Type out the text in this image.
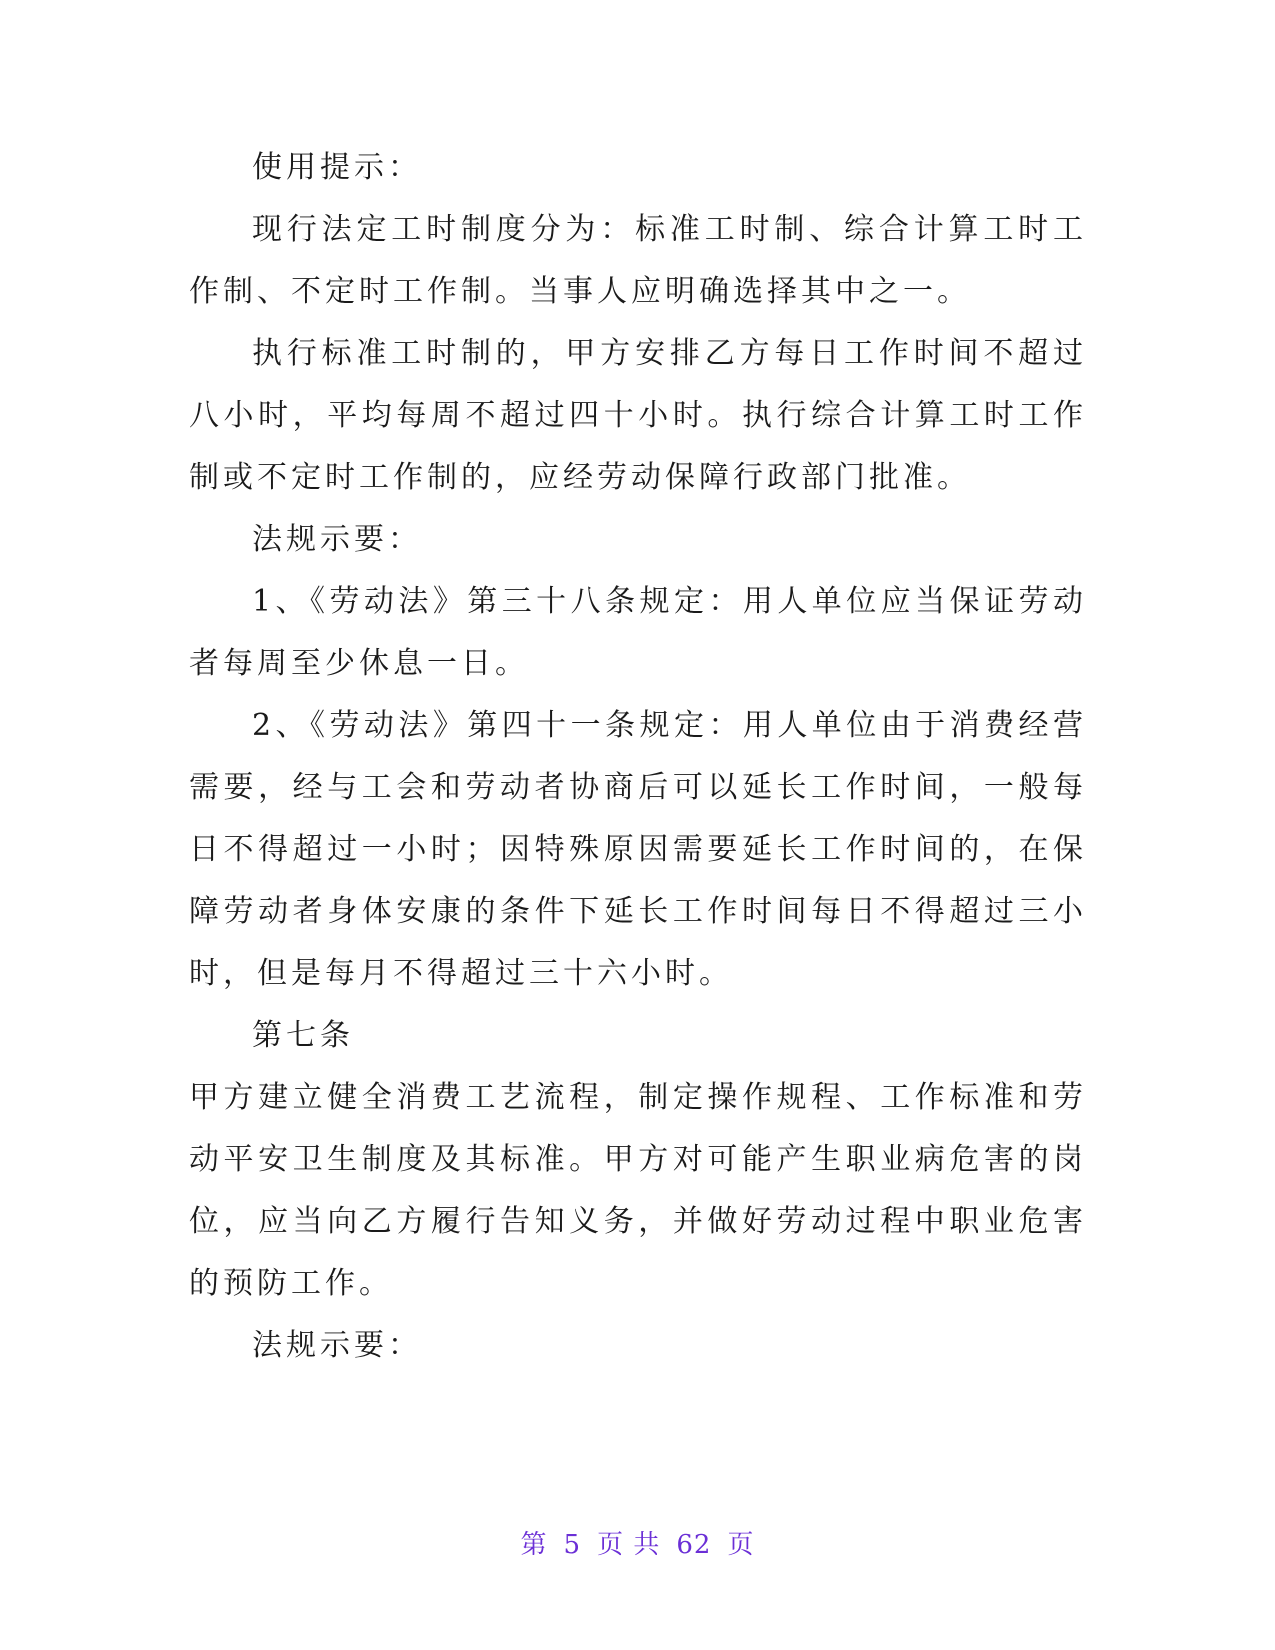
使用提示：

现行法定工时制度分为：标准工时制、综合计算工时工作制、不定时工作制。当事人应明确选择其中之一。

执行标准工时制的，甲方安排乙方每日工作时间不超过八小时，平均每周不超过四十小时。执行综合计算工时工作制或不定时工作制的，应经劳动保障行政部门批准。

法规示要：

1、《劳动法》第三十八条规定：用人单位应当保证劳动者每周至少休息一日。

2、《劳动法》第四十一条规定：用人单位由于消费经营需要，经与工会和劳动者协商后可以延长工作时间，一般每日不得超过一小时；因特殊原因需要延长工作时间的，在保障劳动者身体安康的条件下延长工作时间每日不得超过三小时，但是每月不得超过三十六小时。

第七条

甲方建立健全消费工艺流程，制定操作规程、工作标准和劳动平安卫生制度及其标准。甲方对可能产生职业病危害的岗位，应当向乙方履行告知义务，并做好劳动过程中职业危害的预防工作。

法规示要：

第 5 页 共 62 页
